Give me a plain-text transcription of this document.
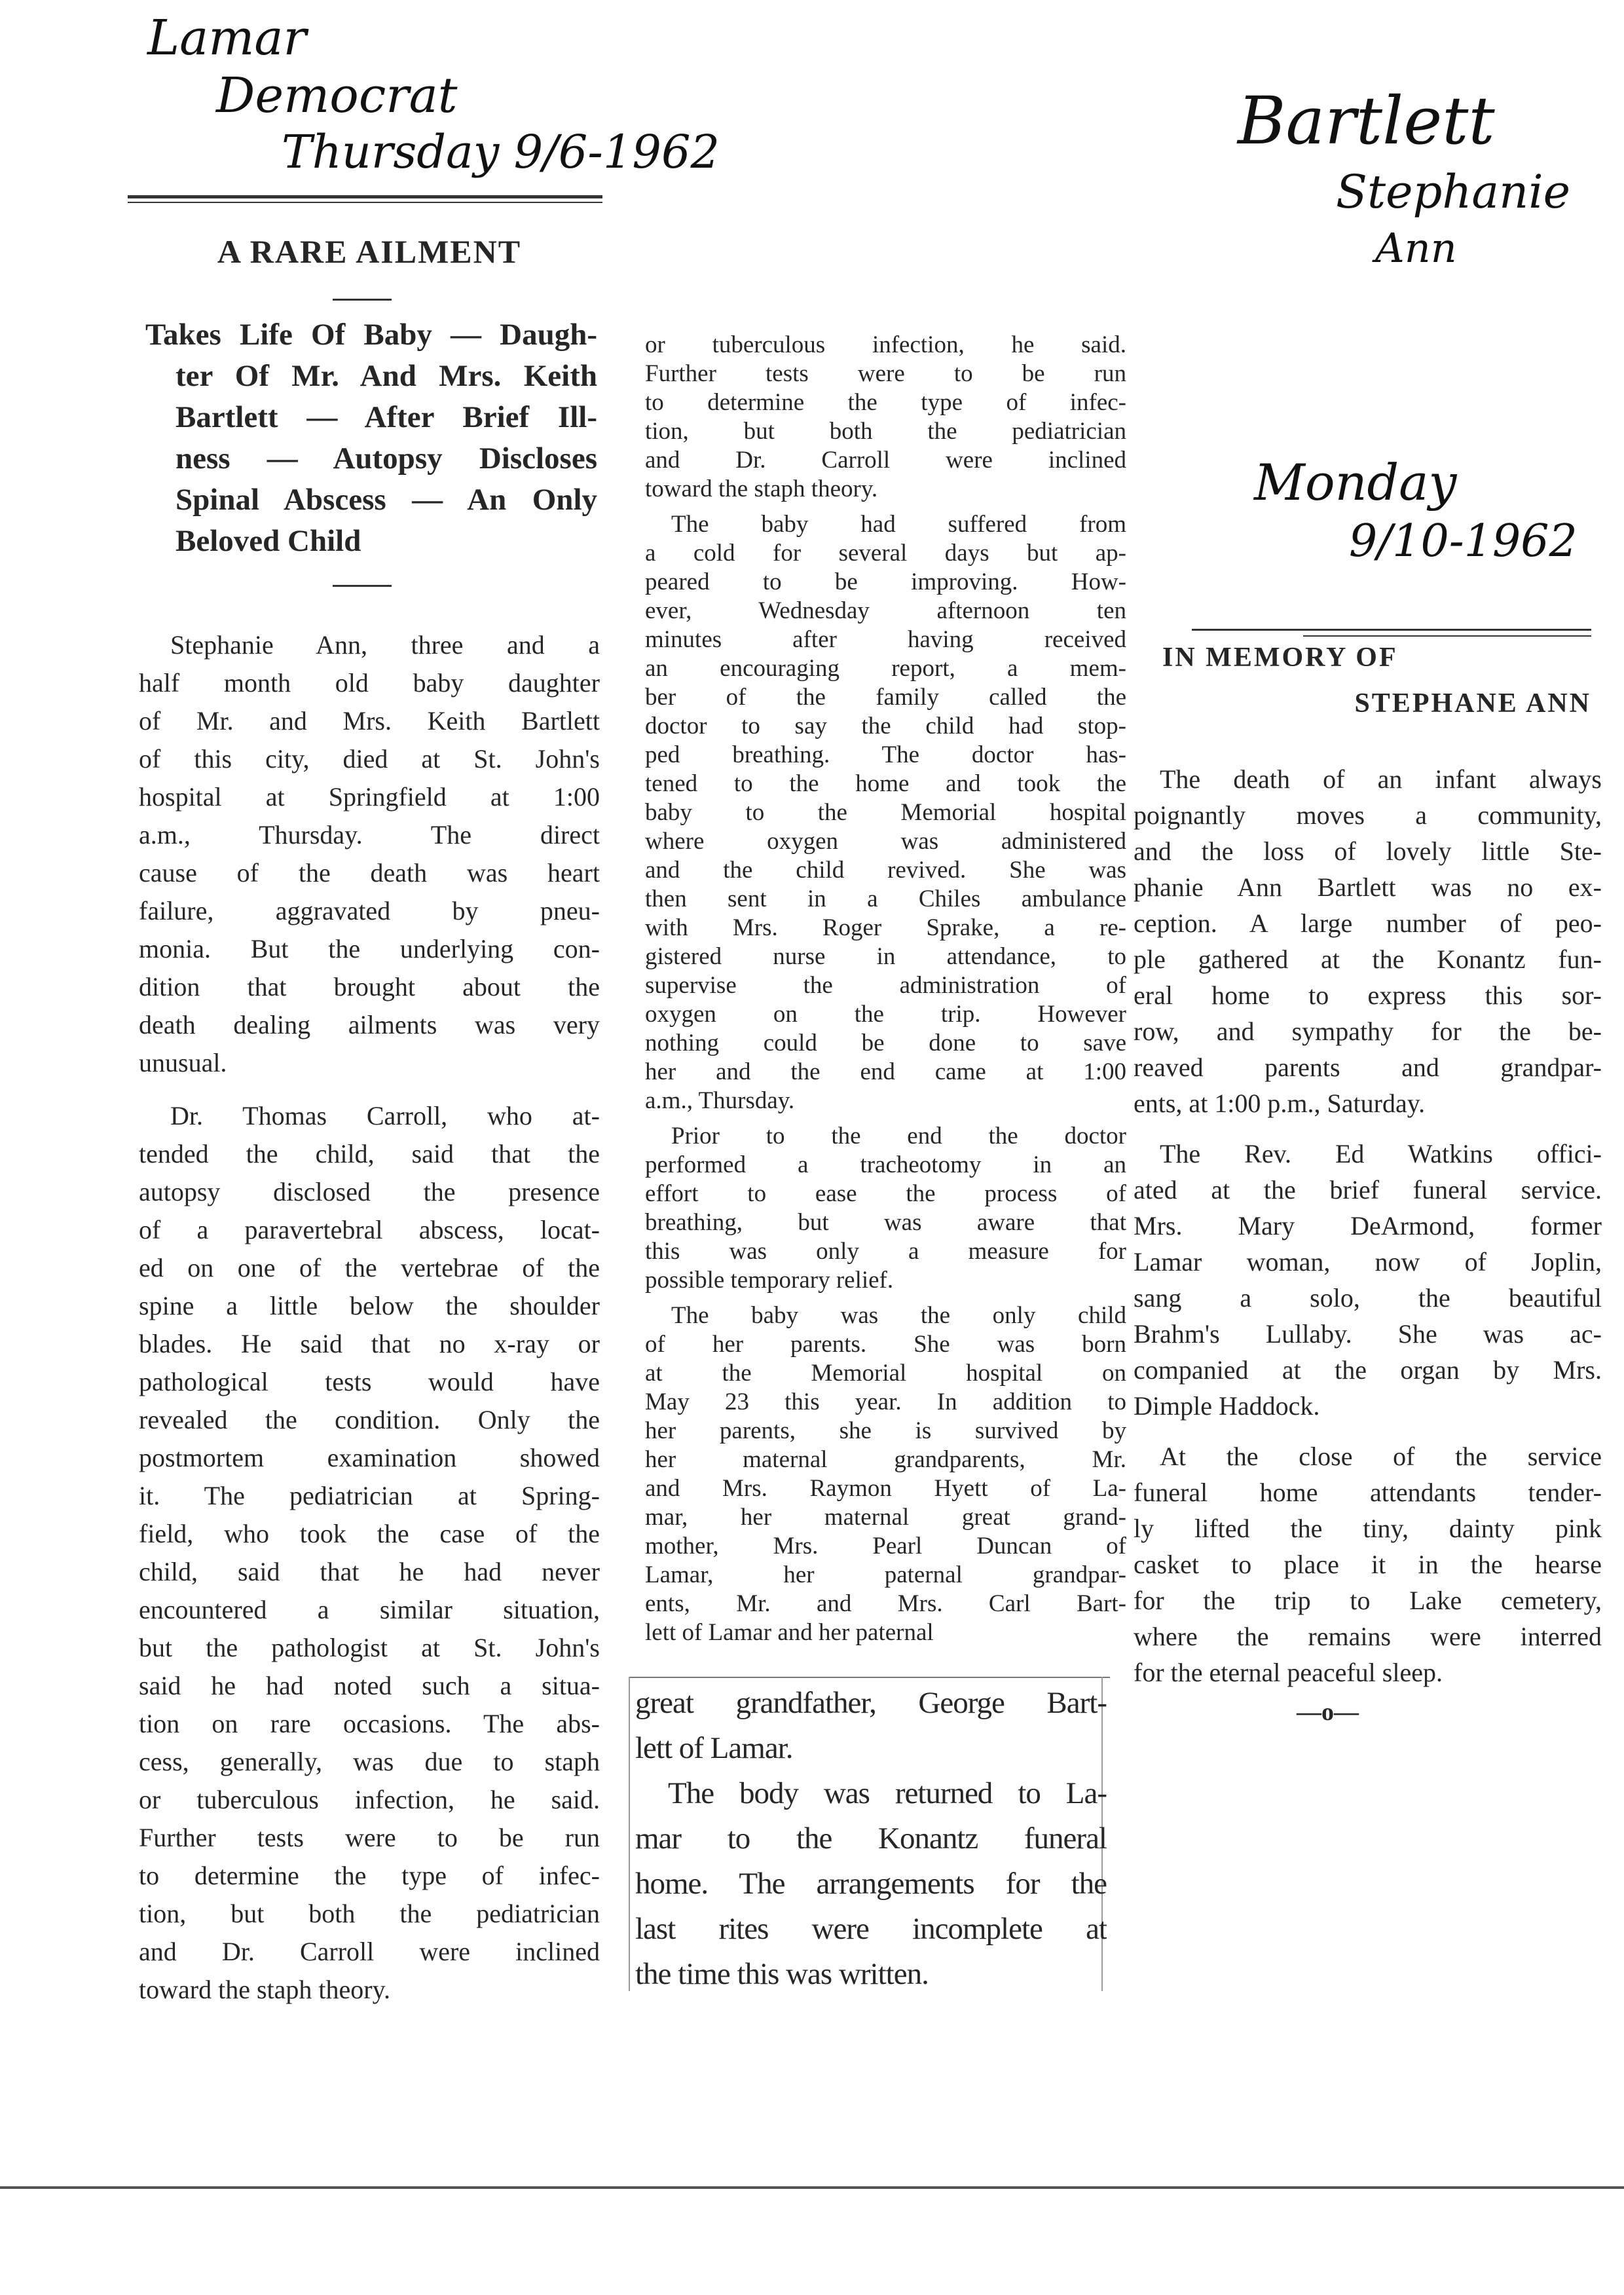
Lamar
Democrat
Thursday 9/6-1962	Bartlett
Stephanie
Ann
Monday
9/10-1962
A RARE AILMENT
Takes Life Of Baby — Daugh-
ter Of Mr. And Mrs. Keith
Bartlett — After Brief Ill-
ness — Autopsy Discloses
Spinal Abscess — An Only
Beloved Child
Stephanie Ann, three and a
half month old baby daughter
of Mr. and Mrs. Keith Bartlett
of this city, died at St. John's
hospital at Springfield at 1:00
a.m., Thursday. The direct
cause of the death was heart
failure, aggravated by pneu-
monia. But the underlying con-
dition that brought about the
death dealing ailments was very
unusual.
Dr. Thomas Carroll, who at-
tended the child, said that the
autopsy disclosed the presence
of a paravertebral abscess, locat-
ed on one of the vertebrae of the
spine a little below the shoulder
blades. He said that no x-ray or
pathological tests would have
revealed the condition. Only the
postmortem examination showed
it. The pediatrician at Spring-
field, who took the case of the
child, said that he had never
encountered a similar situation,
but the pathologist at St. John's
said he had noted such a situa-
tion on rare occasions. The abs-
cess, generally, was due to staph
or tuberculous infection, he said.
Further tests were to be run
to determine the type of infec-
tion, but both the pediatrician
and Dr. Carroll were inclined
toward the staph theory.
or tuberculous infection, he said.
Further tests were to be run
to determine the type of infec-
tion, but both the pediatrician
and Dr. Carroll were inclined
toward the staph theory.
The baby had suffered from
a cold for several days but ap-
peared to be improving. How-
ever, Wednesday afternoon ten
minutes after having received
an encouraging report, a mem-
ber of the family called the
doctor to say the child had stop-
ped breathing. The doctor has-
tened to the home and took the
baby to the Memorial hospital
where oxygen was administered
and the child revived. She was
then sent in a Chiles ambulance
with Mrs. Roger Sprake, a re-
gistered nurse in attendance, to
supervise the administration of
oxygen on the trip. However
nothing could be done to save
her and the end came at 1:00
a.m., Thursday.
Prior to the end the doctor
performed a tracheotomy in an
effort to ease the process of
breathing, but was aware that
this was only a measure for
possible temporary relief.
The baby was the only child
of her parents. She was born
at the Memorial hospital on
May 23 this year. In addition to
her parents, she is survived by
her maternal grandparents, Mr.
and Mrs. Raymon Hyett of La-
mar, her maternal great grand-
mother, Mrs. Pearl Duncan of
Lamar, her paternal grandpar-
ents, Mr. and Mrs. Carl Bart-
lett of Lamar and her paternal
great grandfather, George Bart-
lett of Lamar.
The body was returned to La-
mar to the Konantz funeral
home. The arrangements for the
last rites were incomplete at
the time this was written.
IN MEMORY OF
STEPHANE ANN
The death of an infant always
poignantly moves a community,
and the loss of lovely little Ste-
phanie Ann Bartlett was no ex-
ception. A large number of peo-
ple gathered at the Konantz fun-
eral home to express this sor-
row, and sympathy for the be-
reaved parents and grandpar-
ents, at 1:00 p.m., Saturday.
The Rev. Ed Watkins offici-
ated at the brief funeral service.
Mrs. Mary DeArmond, former
Lamar woman, now of Joplin,
sang a solo, the beautiful
Brahm's Lullaby. She was ac-
companied at the organ by Mrs.
Dimple Haddock.
At the close of the service
funeral home attendants tender-
ly lifted the tiny, dainty pink
casket to place it in the hearse
for the trip to Lake cemetery,
where the remains were interred
for the eternal peaceful sleep.
—o—
